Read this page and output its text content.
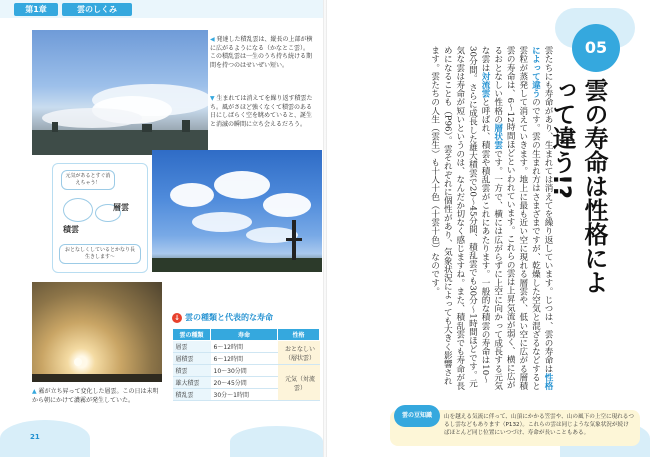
第1章	雲のしくみ
◀ 発達した積乱雲は、縦長の上部が横に広がるようになる（かなとこ雲）。この積乱雲は一生のうち持ち続ける期間を持つのはせいぜい短い。
▼ 生まれては消えてを繰り返す積雲たち。風がさほど強くなくて積雲のある日にしばらく空を眺めていると、誕生と消滅の瞬間に立ち会えるだろう。
元気があるとすぐ消えちゃう！
積雲
層雲
おとなしくしているとかなり長生きします〜
▲ 霧が立ち昇って変化した層雲。この日は未明から朝にかけて濃霧が発生していた。
↓ 雲の種類と代表的な寿命
雲の種類	寿命	性格
層雲	6〜12時間	おとなしい（層状雲）
層積雲	6〜12時間	
積雲	10〜30分間	元気（対流雲）
雄大積雲	20〜45分間	
積乱雲	30分〜1時間	
21
05
雲の寿命は性格によって違う!?
雲たちにも寿命があり、生まれては消えてを繰り返しています。じつは、雲の寿命は性格によって違うのです。雲の生まれ方はさまざまですが、乾燥した空気と混ざるなどすると雲粒が蒸発して消えていきます。地上に最も近い空に現れる層雲や、低い空に広がる層積雲の寿命は、6〜12時間ほどといわれています。これらの雲は上昇気流が弱く、横に広がるおとなしい性格の層状雲です。一方で、横には広がらずに上空に向かって成長する元気な雲は対流雲と呼ばれ、積雲や積乱雲がこれにあたります。一般的な積雲の寿命は10〜30分間。さらに成長した雄大積雲で20〜45分間、積乱雲でも30分〜1時間ほどです。元気な雲は寿命が短いというのは、なんだか切なく感じますね。また、積乱雲でも寿命が長めになることも（P96）。雲それぞれに個性があり、気象状況によっても大きく影響されます。雲たちの人生（雲生）も十人十色（十雲十色）なのです。
雲の豆知識	山を越える気流に伴って、山頂にかかる笠雲や、山の風下の上空に現れるつるし雲などもあります（P132）。これらの雲は同じような気象状況が続けばほとんど同じ位置にいつづけ、寿命が長いこともある。
